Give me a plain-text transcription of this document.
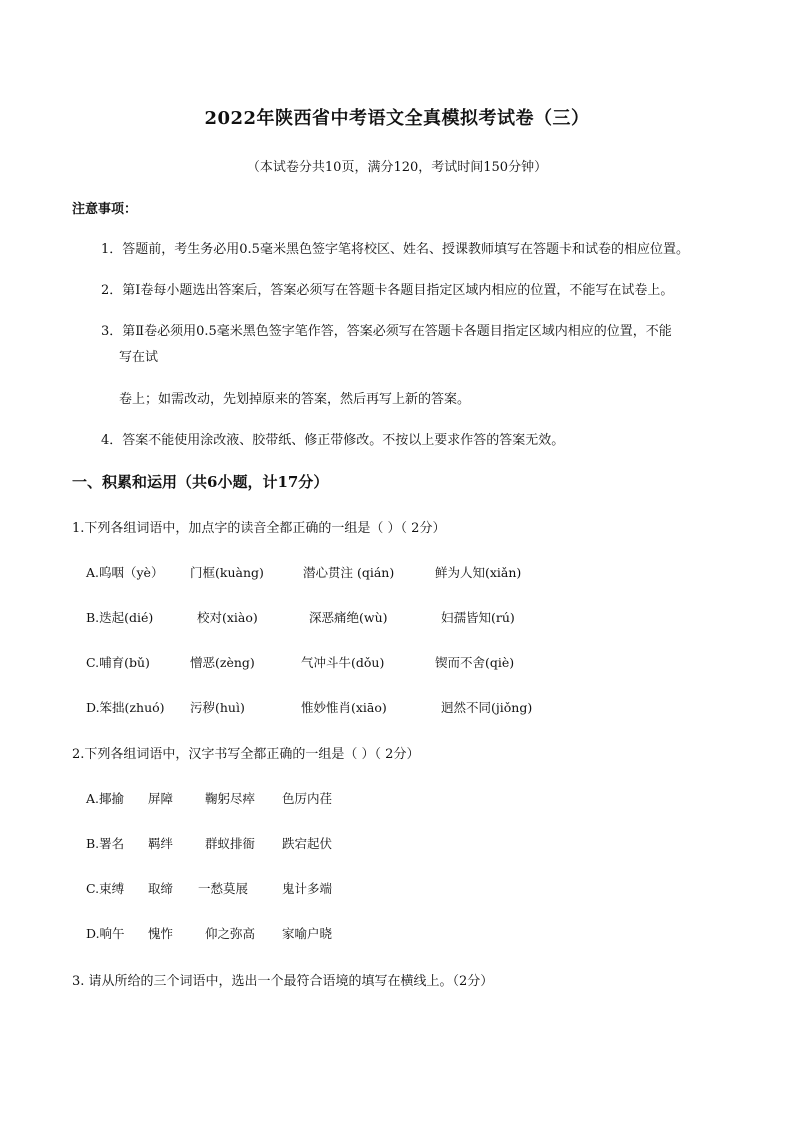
2022年陕西省中考语文全真模拟考试卷（三）
（本试卷分共10页，满分120，考试时间150分钟）
注意事项：
1．答题前，考生务必用0.5毫米黑色签字笔将校区、姓名、授课教师填写在答题卡和试卷的相应位置。
2．第Ⅰ卷每小题选出答案后，答案必须写在答题卡各题目指定区域内相应的位置，不能写在试卷上。
3．第Ⅱ卷必须用0.5毫米黑色签字笔作答，答案必须写在答题卡各题目指定区域内相应的位置，不能
写在试
卷上；如需改动，先划掉原来的答案，然后再写上新的答案。
4．答案不能使用涂改液、胶带纸、修正带修改。不按以上要求作答的答案无效。
一、积累和运用（共6小题，计17分）
1.下列各组词语中，加点字的读音全都正确的一组是（ ）（ 2分）
A.呜咽（yè） 门框(kuàng)	潜心贯注 (qián)	鲜为人知(xiǎn)
B.迭起(dié)	校对(xiào)	深恶痛绝(wù)	妇孺皆知(rú)
C.哺育(bǔ)	憎恶(zèng)	气冲斗牛(dǒu)	锲而不舍(qiè)
D.笨拙(zhuó) 污秽(huì)	惟妙惟肖(xiāo)	迥然不同(jiǒng)
2.下列各组词语中，汉字书写全都正确的一组是（ ）（ 2分）
A.揶揄 屏障	鞠躬尽瘁 色厉内荏
B.署名 羁绊	群蚁排衙 跌宕起伏
C.束缚 取缔 一愁莫展	鬼计多端
D.响午 愧怍	仰之弥高 家喻户晓
3. 请从所给的三个词语中，选出一个最符合语境的填写在横线上。（2分）
